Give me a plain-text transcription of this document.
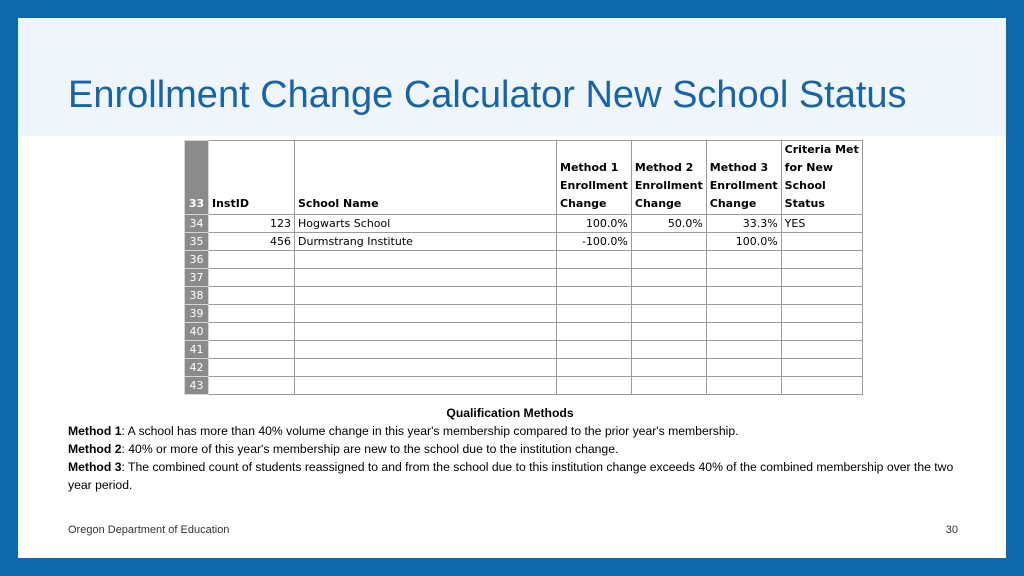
Enrollment Change Calculator New School Status
33	InstID	School Name	Method 1
Enrollment
Change	Method 2
Enrollment
Change	Method 3
Enrollment
Change	Criteria Met
for New
School
Status
34	123	Hogwarts School	100.0%	50.0%	33.3%	YES
35	456	Durmstrang Institute	-100.0%		100.0%	
36						
37						
38						
39						
40						
41						
42						
43						
Qualification Methods
Method 1: A school has more than 40% volume change in this year's membership compared to the prior year's membership.
Method 2: 40% or more of this year's membership are new to the school due to the institution change.
Method 3: The combined count of students reassigned to and from the school due to this institution change exceeds 40% of the combined membership over the two year period.
Oregon Department of Education	30
